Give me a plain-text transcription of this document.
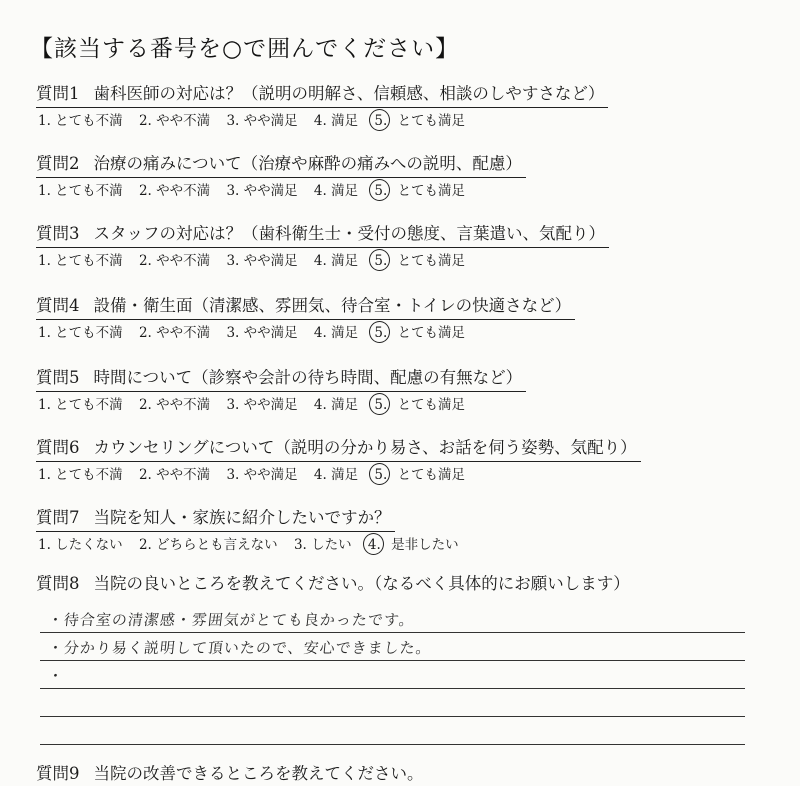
【該当する番号を○で囲んでください】
質問1 歯科医師の対応は？（説明の明解さ、信頼感、相談のしやすさなど）
1. とても不満 2. やや不満 3. やや満足 4. 満足 5. とても満足
質問2 治療の痛みについて（治療や麻酔の痛みへの説明、配慮）
1. とても不満 2. やや不満 3. やや満足 4. 満足 5. とても満足
質問3 スタッフの対応は？（歯科衛生士・受付の態度、言葉遣い、気配り）
1. とても不満 2. やや不満 3. やや満足 4. 満足 5. とても満足
質問4 設備・衛生面（清潔感、雰囲気、待合室・トイレの快適さなど）
1. とても不満 2. やや不満 3. やや満足 4. 満足 5. とても満足
質問5 時間について（診察や会計の待ち時間、配慮の有無など）
1. とても不満 2. やや不満 3. やや満足 4. 満足 5. とても満足
質問6 カウンセリングについて（説明の分かり易さ、お話を伺う姿勢、気配り）
1. とても不満 2. やや不満 3. やや満足 4. 満足 5. とても満足
質問7 当院を知人・家族に紹介したいですか？
1. したくない 2. どちらとも言えない 3. したい 4. 是非したい
質問8 当院の良いところを教えてください。（なるべく具体的にお願いします）
・待合室の清潔感・雰囲気がとても良かったです。
・分かり易く説明して頂いたので、安心できました。
・
質問9 当院の改善できるところを教えてください。
